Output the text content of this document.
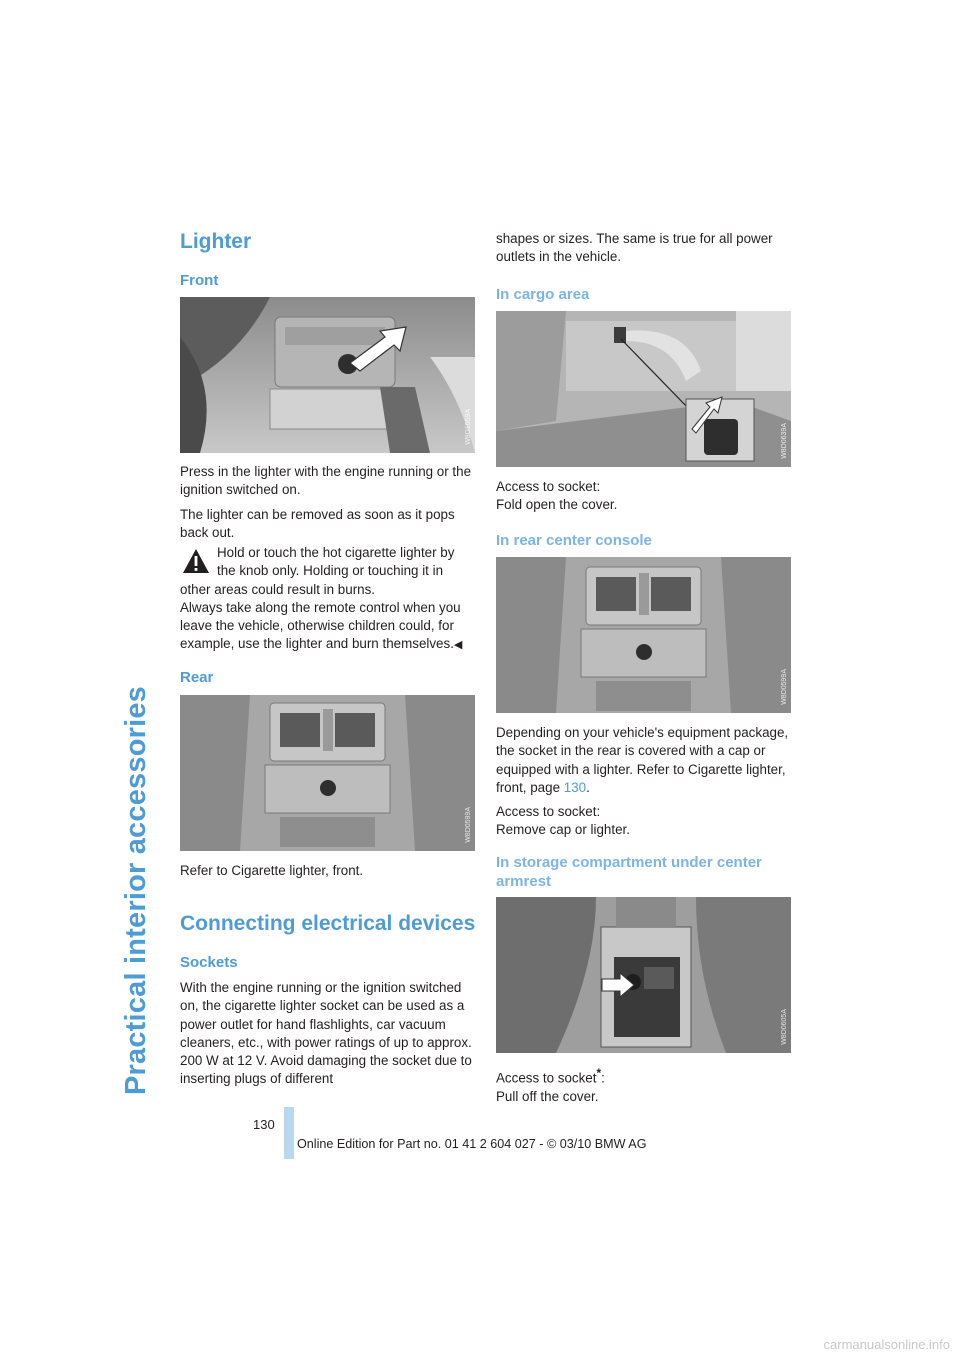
Practical interior accessories
Lighter
Front
W8D1059A

Press in the lighter with the engine running or the ignition switched on.

The lighter can be removed as soon as it pops back out.

Hold or touch the hot cigarette lighter by

the knob only. Holding or touching it in

other areas could result in burns.

Always take along the remote control when you leave the vehicle, otherwise children could, for example, use the lighter and burn themselves.◀

Rear
W8D0599A

Refer to Cigarette lighter, front.

Connecting electrical devices
Sockets

With the engine running or the ignition switched on, the cigarette lighter socket can be used as a power outlet for hand flashlights, car vacuum cleaners, etc., with power ratings of up to approx. 200 W at 12 V. Avoid damaging the socket due to inserting plugs of different

shapes or sizes. The same is true for all power outlets in the vehicle.

In cargo area
W8D0639A

Access to socket:

Fold open the cover.

In rear center console
W8D0599A

Depending on your vehicle's equipment package, the socket in the rear is covered with a cap or equipped with a lighter. Refer to Cigarette lighter, front, page 130.

Access to socket:

Remove cap or lighter.

In storage compartment under center armrest
W8D0605A

Access to socket*:

Pull off the cover.

130
Online Edition for Part no. 01 41 2 604 027 - © 03/10 BMW AG
carmanualsonline.info
